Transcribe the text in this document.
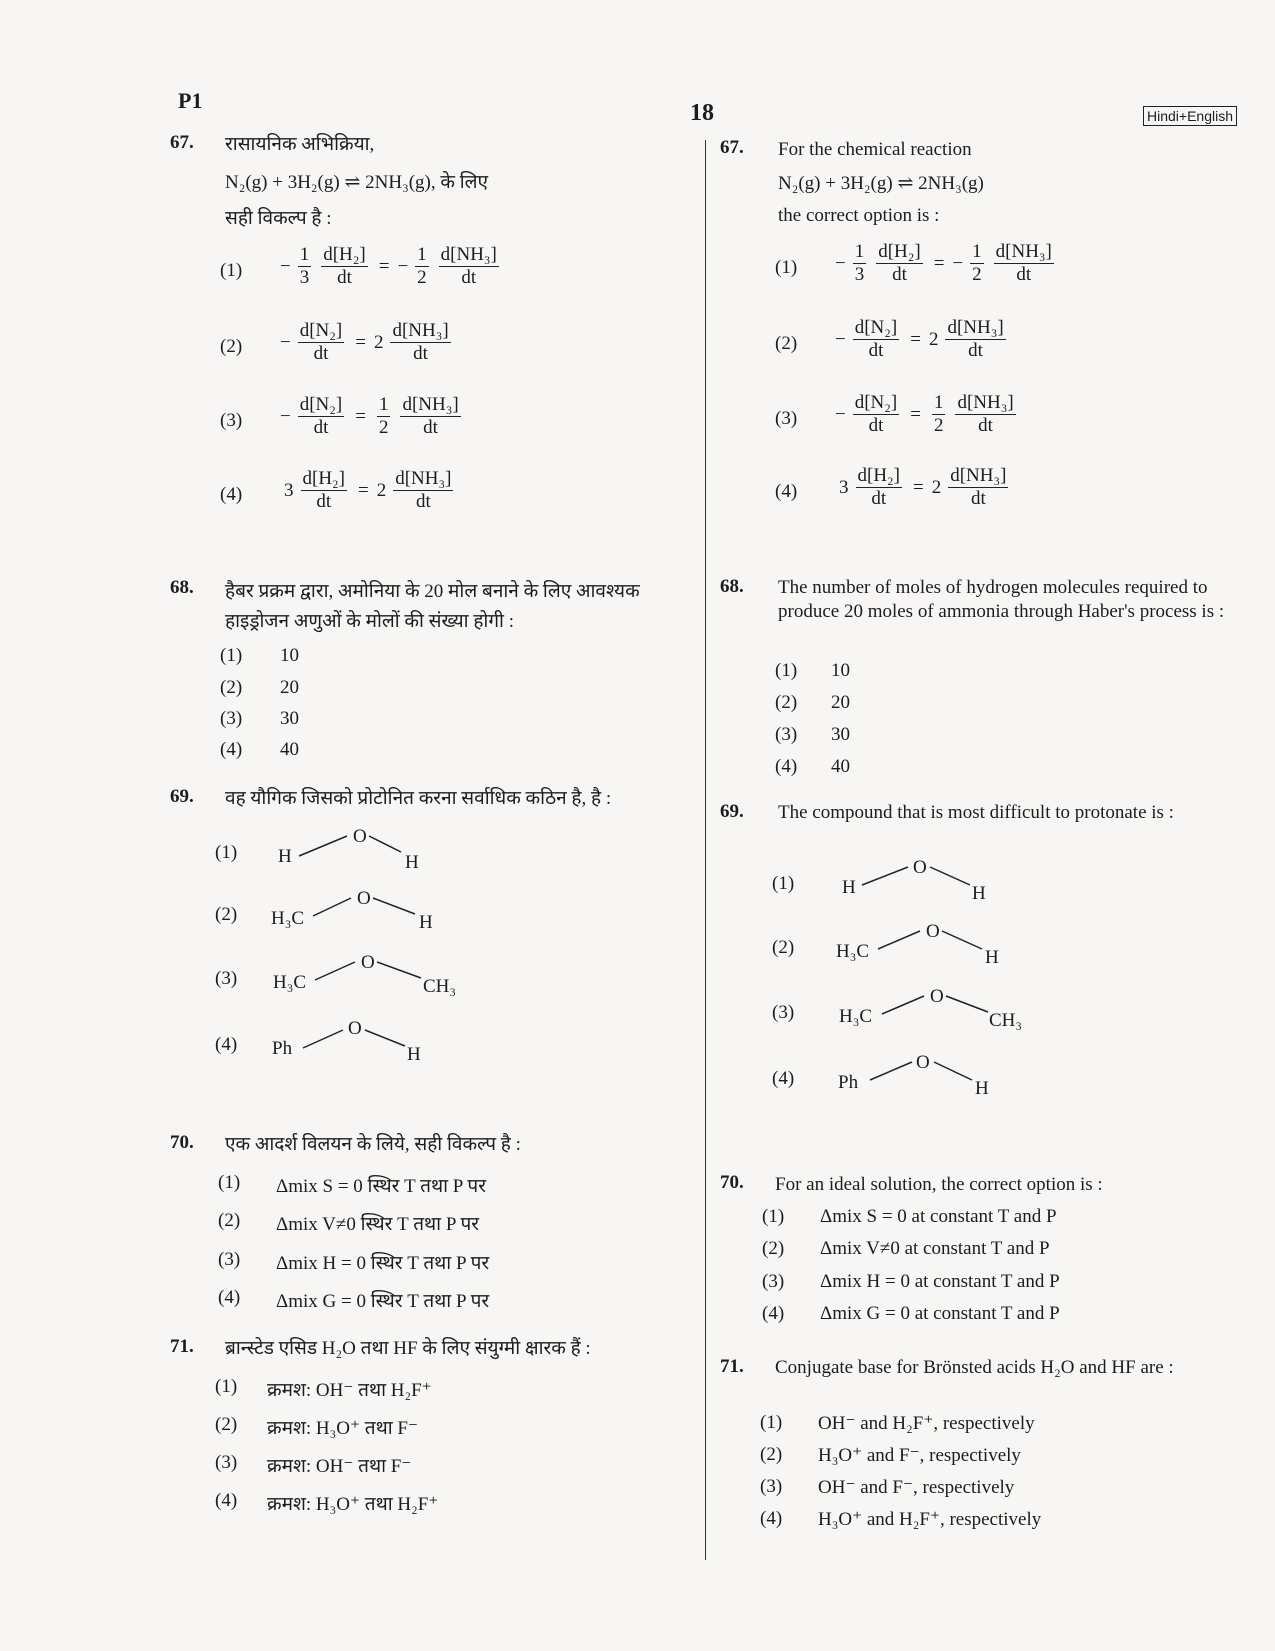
P1	18	Hindi+English
67. रासायनिक अभिक्रिया,
N₂(g) + 3H₂(g) ⇌ 2NH₃(g), के लिए
सही विकल्प है :
$(1) - \frac{1}{3} \frac{\text{d[H₂]}}{dt}$ = − $\frac{1}{2} \frac{\text{d[NH₃]}}{dt}$
$(2) - \frac{\text{d[N₂]}}{dt} = 2 \frac{\text{d[NH₃]}}{dt}$
$(3) - \frac{\text{d[N₂]}}{dt} = \frac{1}{2} \frac{\text{d[NH₃]}}{dt}$
(4) $3 \frac{\text{d[H₂]}}{dt} = 2 \frac{\text{d[NH₃]}}{dt}$
68. हैबर प्रक्रम द्वारा, अमोनिया के 20 मोल बनाने के लिए आवश्यक हाइड्रोजन अणुओं के मोलों की संख्या होगी :
(1) 10
(2) 20
(3) 30
(4) 40
69. वह यौगिक जिसको प्रोटोनित करना सर्वाधिक कठिन है, है :
(1) H
O
H
(2) H₃C
O
H
(3) H₃C
O
CH₃
(4) Ph
O
H
70. एक आदर्श विलयन के लिये, सही विकल्प है :
(1) Δmix S = 0 स्थिर T तथा P पर
(2) Δmix V≠0 स्थिर T तथा P पर
(3) Δmix H = 0 स्थिर T तथा P पर
(4) Δmix G = 0 स्थिर T तथा P पर
71. ब्रान्स्टेड एसिड H₂O तथा HF के लिए संयुग्मी क्षारक हैं :
(1) क्रमश: OH⁻ तथा H₂F⁺
(2) क्रमश: H₃O⁺ तथा F⁻
(3) क्रमश: OH⁻ तथा F⁻
(4) क्रमश: H₃O⁺ तथा H₂F⁺
67. For the chemical reaction
N₂(g) + 3H₂(g) ⇌ 2NH₃(g)
the correct option is :
$(1) - \frac{1}{3} \frac{\text{d[H₂]}}{dt}$ = − $\frac{1}{2} \frac{\text{d[NH₃]}}{dt}$
$(2) - \frac{\text{d[N₂]}}{dt} = 2 \frac{\text{d[NH₃]}}{dt}$
$(3) - \frac{\text{d[N₂]}}{dt} = \frac{1}{2} \frac{\text{d[NH₃]}}{dt}$
(4) $3 \frac{\text{d[H₂]}}{dt} = 2 \frac{\text{d[NH₃]}}{dt}$
68. The number of moles of hydrogen molecules required to produce 20 moles of ammonia through Haber's process is :
(1) 10
(2) 20
(3) 30
(4) 40
69. The compound that is most difficult to protonate is :
(1)	H
O
H
(2) H₃C
O
H
(3) H₃C
O
CH₃
(4) Ph
O
H
70. For an ideal solution, the correct option is :
(1) Δmix S = 0 at constant T and P
(2) Δmix V≠0 at constant T and P
(3) Δmix H = 0 at constant T and P
(4) Δmix G = 0 at constant T and P
71. Conjugate base for Brönsted acids H₂O and HF are :
(1) OH⁻ and H₂F⁺, respectively
(2) H₃O⁺ and F⁻, respectively
(3) OH⁻ and F⁻, respectively
(4) H₃O⁺ and H₂F⁺, respectively
